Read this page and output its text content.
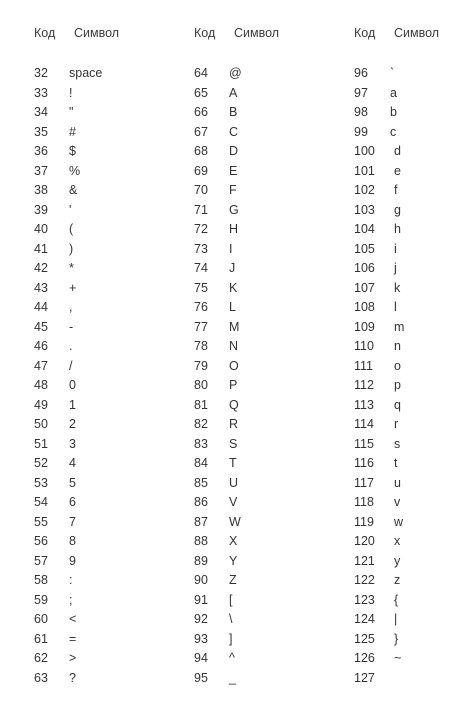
Код Символ
32 space
33 !
34 "
35 #
36 $
37 %
38 &
39 '
40 (
41 )
42 *
43 +
44 ,
45 -
46 .
47 /
48 0
49 1
50 2
51 3
52 4
53 5
54 6
55 7
56 8
57 9
58 :
59 ;
60 <
61 =
62 >
63 ?
Код Символ
64 @
65 A
66 B
67 C
68 D
69 E
70 F
71 G
72 H
73 I
74 J
75 K
76 L
77 M
78 N
79 O
80 P
81 Q
82 R
83 S
84 T
85 U
86 V
87 W
88 X
89 Y
90 Z
91 [
92 \
93 ]
94 ^
95 _
Код Символ
96 `
97 a
98 b
99 c
100 d
101 e
102 f
103 g
104 h
105 i
106 j
107 k
108 l
109 m
110 n
111 o
112 p
113 q
114 r
115 s
116 t
117 u
118 v
119 w
120 x
121 y
122 z
123 {
124 |
125 }
126 ~
127
